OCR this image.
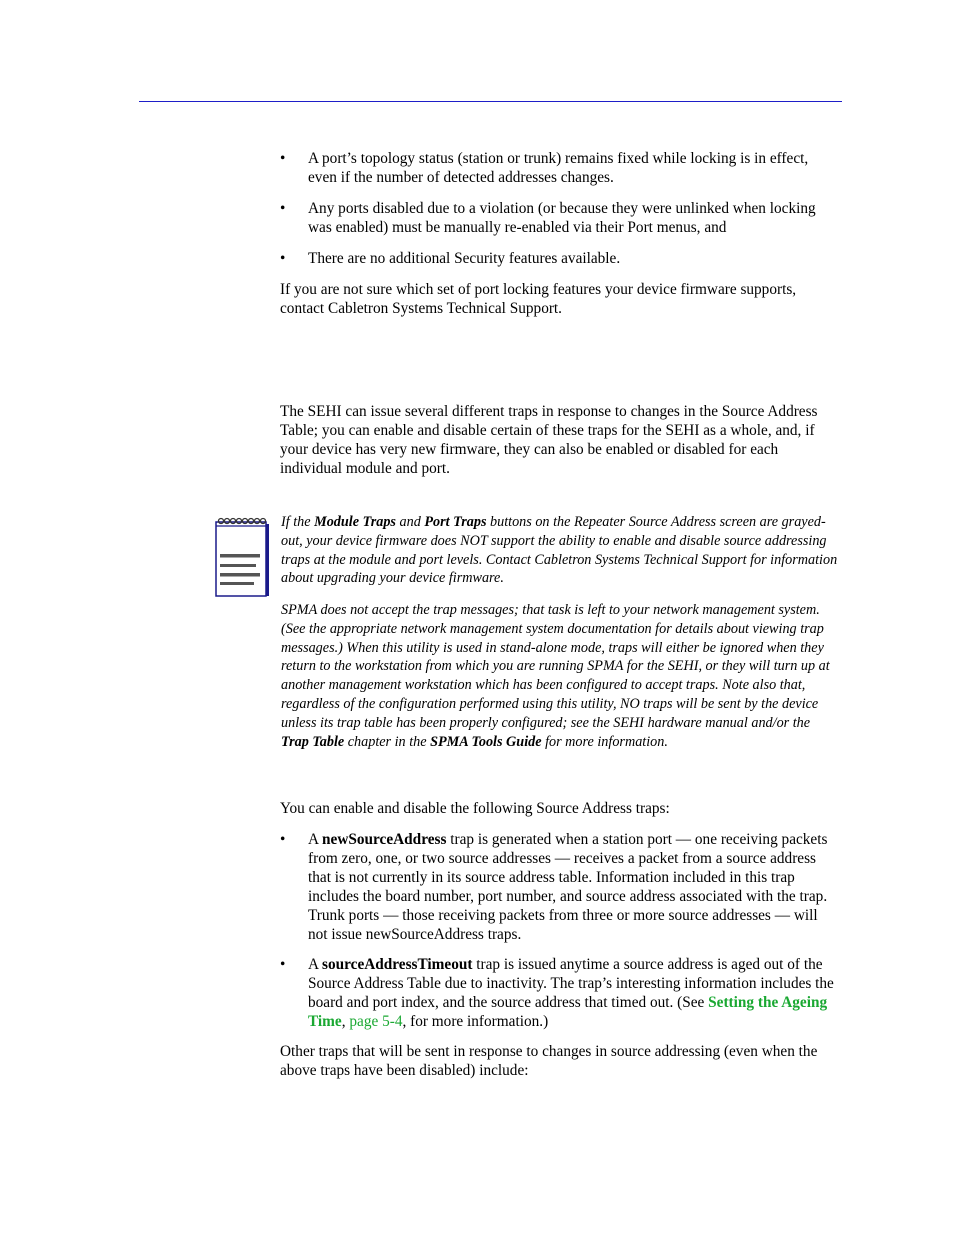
• A port’s topology status (station or trunk) remains fixed while locking is in effect, even if the number of detected addresses changes.
• Any ports disabled due to a violation (or because they were unlinked when locking was enabled) must be manually re-enabled via their Port menus, and
• There are no additional Security features available.
If you are not sure which set of port locking features your device firmware supports, contact Cabletron Systems Technical Support.
The SEHI can issue several different traps in response to changes in the Source Address Table; you can enable and disable certain of these traps for the SEHI as a whole, and, if your device has very new firmware, they can also be enabled or disabled for each individual module and port.
If the Module Traps and Port Traps buttons on the Repeater Source Address screen are grayed-out, your device firmware does NOT support the ability to enable and disable source addressing traps at the module and port levels. Contact Cabletron Systems Technical Support for information about upgrading your device firmware.
SPMA does not accept the trap messages; that task is left to your network management system. (See the appropriate network management system documentation for details about viewing trap messages.) When this utility is used in stand-alone mode, traps will either be ignored when they return to the workstation from which you are running SPMA for the SEHI, or they will turn up at another management workstation which has been configured to accept traps. Note also that, regardless of the configuration performed using this utility, NO traps will be sent by the device unless its trap table has been properly configured; see the SEHI hardware manual and/or the Trap Table chapter in the SPMA Tools Guide for more information.
You can enable and disable the following Source Address traps:
• A newSourceAddress trap is generated when a station port — one receiving packets from zero, one, or two source addresses — receives a packet from a source address that is not currently in its source address table. Information included in this trap includes the board number, port number, and source address associated with the trap. Trunk ports — those receiving packets from three or more source addresses — will not issue newSourceAddress traps.
• A sourceAddressTimeout trap is issued anytime a source address is aged out of the Source Address Table due to inactivity. The trap’s interesting information includes the board and port index, and the source address that timed out. (See Setting the Ageing Time, page 5-4, for more information.)
Other traps that will be sent in response to changes in source addressing (even when the above traps have been disabled) include:
